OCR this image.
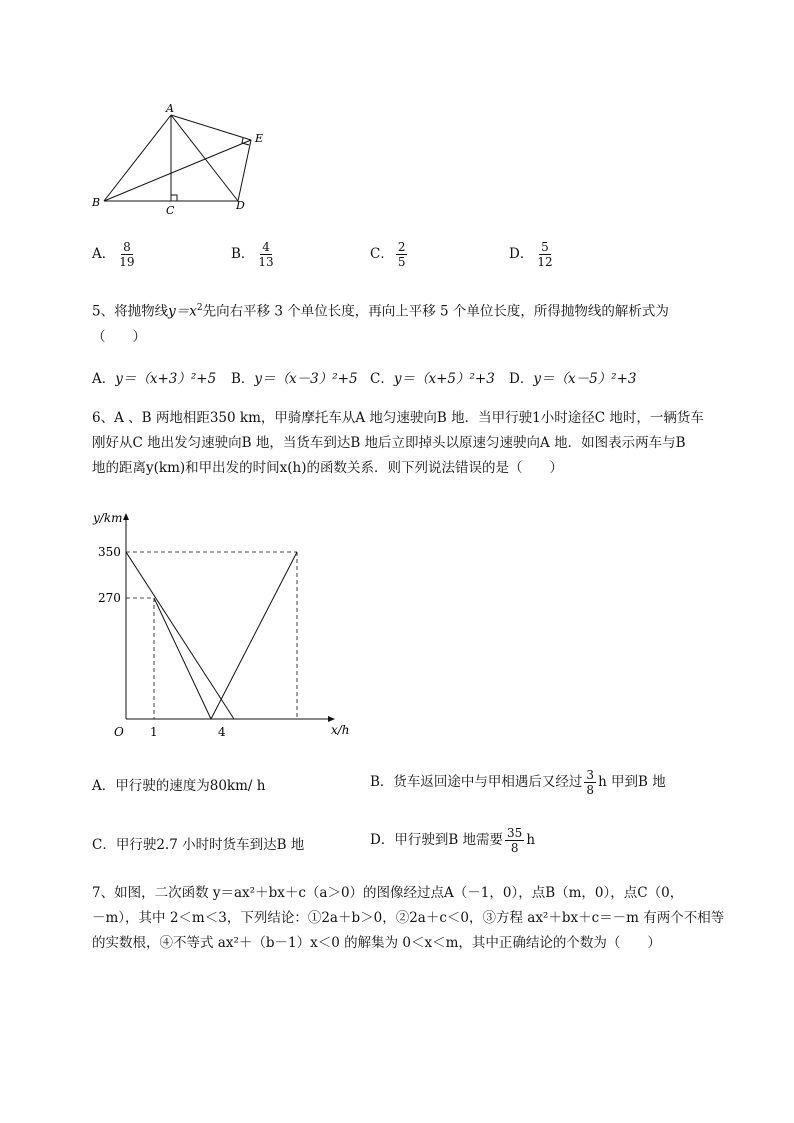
A
B
C	D
E
A． $\frac{8}{19}$	B． $\frac{4}{13}$	C． $\frac{2}{5}$	D． $\frac{5}{12}$
5、将抛物线$y=x^2$先向右平移 3 个单位长度，再向上平移 5 个单位长度，所得抛物线的解析式为
（　　）
A．y＝（x+3）²+5 B．y＝（x－3）²+5 C．y＝（x+5）²+3 D．y＝（x－5）²+3
6、A 、B 两地相距350 km，甲骑摩托车从A 地匀速驶向B 地．当甲行驶1小时途径C 地时，一辆货车
刚好从C 地出发匀速驶向B 地，当货车到达B 地后立即掉头以原速匀速驶向A 地．如图表示两车与B
地的距离y(km)和甲出发的时间x(h)的函数关系．则下列说法错误的是（　　）
y/km
x/h
O
350
270
1	4
A．甲行驶的速度为80km/ h	B．货车返回途中与甲相遇后又经过 $\frac{3}{8}$ h 甲到B 地
C．甲行驶2.7 小时时货车到达B 地	D．甲行驶到B 地需要 $\frac{35}{8}$ h
7、如图，二次函数 y＝ax²＋bx＋c（a＞0）的图像经过点A（－1，0），点B（m，0），点C（0，
－m），其中 2＜m＜3，下列结论：①2a＋b＞0，②2a＋c＜0，③方程 ax²＋bx＋c＝－m 有两个不相等
的实数根，④不等式 ax²＋（b－1）x＜0 的解集为 0＜x＜m，其中正确结论的个数为（　　）
